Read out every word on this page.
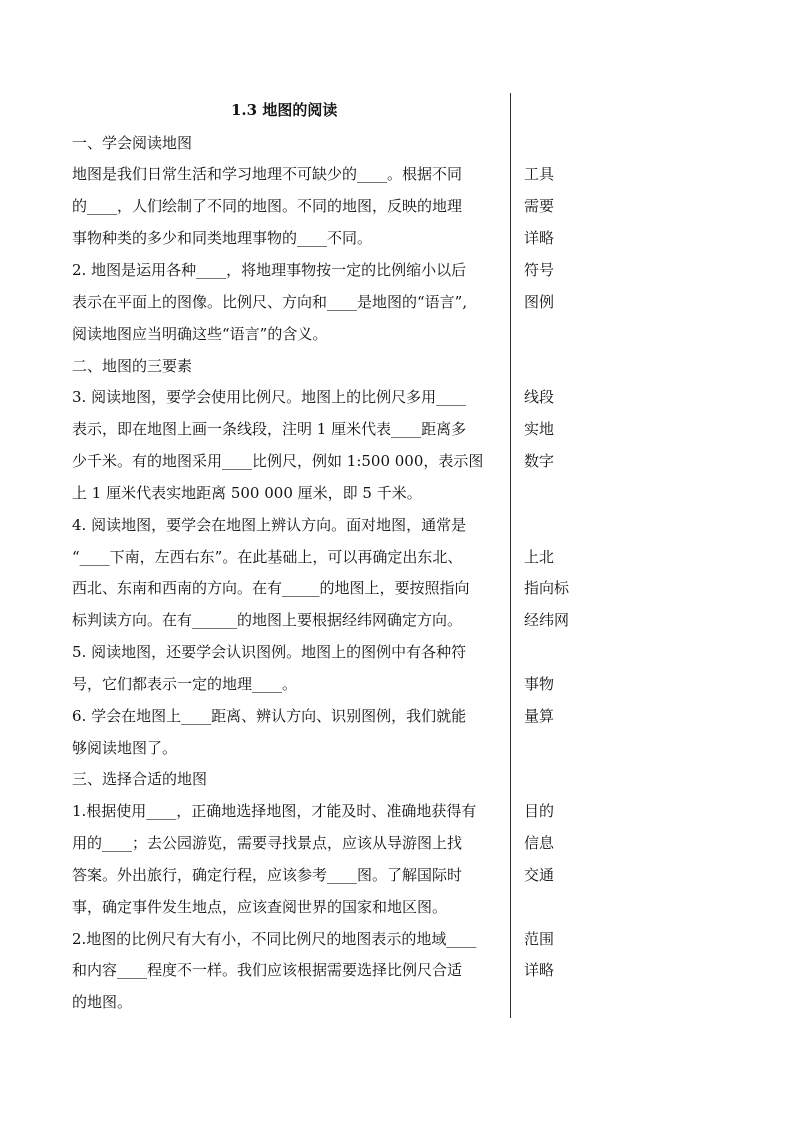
1.3 地图的阅读
一、学会阅读地图
地图是我们日常生活和学习地理不可缺少的____。根据不同
的____，人们绘制了不同的地图。不同的地图，反映的地理
事物种类的多少和同类地理事物的____不同。
2. 地图是运用各种____，将地理事物按一定的比例缩小以后
表示在平面上的图像。比例尺、方向和____是地图的“语言”,
阅读地图应当明确这些“语言”的含义。
二、地图的三要素
3. 阅读地图，要学会使用比例尺。地图上的比例尺多用____
表示，即在地图上画一条线段，注明 1 厘米代表____距离多
少千米。有的地图采用____比例尺，例如 1:500 000，表示图
上 1 厘米代表实地距离 500 000 厘米，即 5 千米。
4. 阅读地图，要学会在地图上辨认方向。面对地图，通常是
“____下南，左西右东”。在此基础上，可以再确定出东北、
西北、东南和西南的方向。在有_____的地图上，要按照指向
标判读方向。在有______的地图上要根据经纬网确定方向。
5. 阅读地图，还要学会认识图例。地图上的图例中有各种符
号，它们都表示一定的地理____。
6. 学会在地图上____距离、辨认方向、识别图例，我们就能
够阅读地图了。
三、选择合适的地图
1.根据使用____，正确地选择地图，才能及时、准确地获得有
用的____；去公园游览，需要寻找景点，应该从导游图上找
答案。外出旅行，确定行程，应该参考____图。了解国际时
事，确定事件发生地点，应该查阅世界的国家和地区图。
2.地图的比例尺有大有小，不同比例尺的地图表示的地域____
和内容____程度不一样。我们应该根据需要选择比例尺合适
的地图。
工具
需要
详略
符号
图例
线段
实地
数字
上北
指向标
经纬网
事物
量算
目的
信息
交通
范围
详略
